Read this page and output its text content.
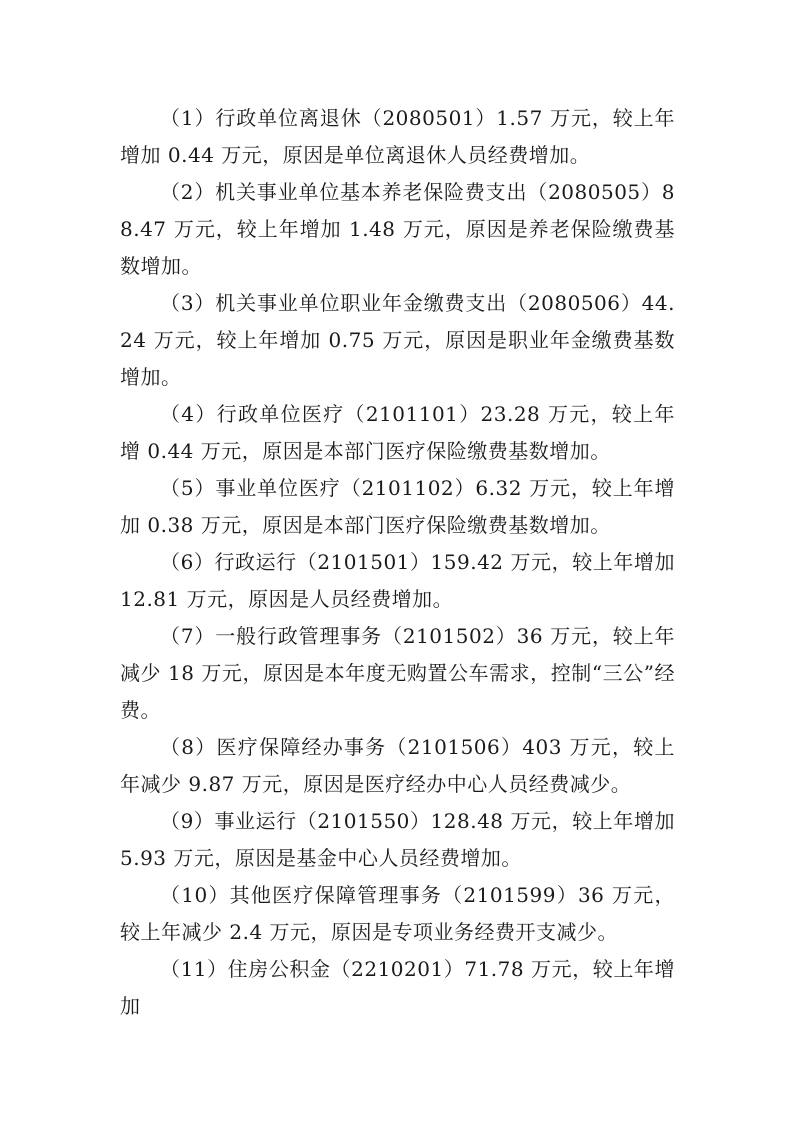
（1）行政单位离退休（2080501）1.57 万元，较上年增加 0.44 万元，原因是单位离退休人员经费增加。

（2）机关事业单位基本养老保险费支出（2080505）88.47 万元，较上年增加 1.48 万元，原因是养老保险缴费基数增加。

（3）机关事业单位职业年金缴费支出（2080506）44.24 万元，较上年增加 0.75 万元，原因是职业年金缴费基数增加。

（4）行政单位医疗（2101101）23.28 万元，较上年增 0.44 万元，原因是本部门医疗保险缴费基数增加。

（5）事业单位医疗（2101102）6.32 万元，较上年增加 0.38 万元，原因是本部门医疗保险缴费基数增加。

（6）行政运行（2101501）159.42 万元，较上年增加 12.81 万元，原因是人员经费增加。

（7）一般行政管理事务（2101502）36 万元，较上年减少 18 万元，原因是本年度无购置公车需求，控制“三公”经费。

（8）医疗保障经办事务（2101506）403 万元，较上年减少 9.87 万元，原因是医疗经办中心人员经费减少。

（9）事业运行（2101550）128.48 万元，较上年增加 5.93 万元，原因是基金中心人员经费增加。

（10）其他医疗保障管理事务（2101599）36 万元，较上年减少 2.4 万元，原因是专项业务经费开支减少。

（11）住房公积金（2210201）71.78 万元，较上年增加
